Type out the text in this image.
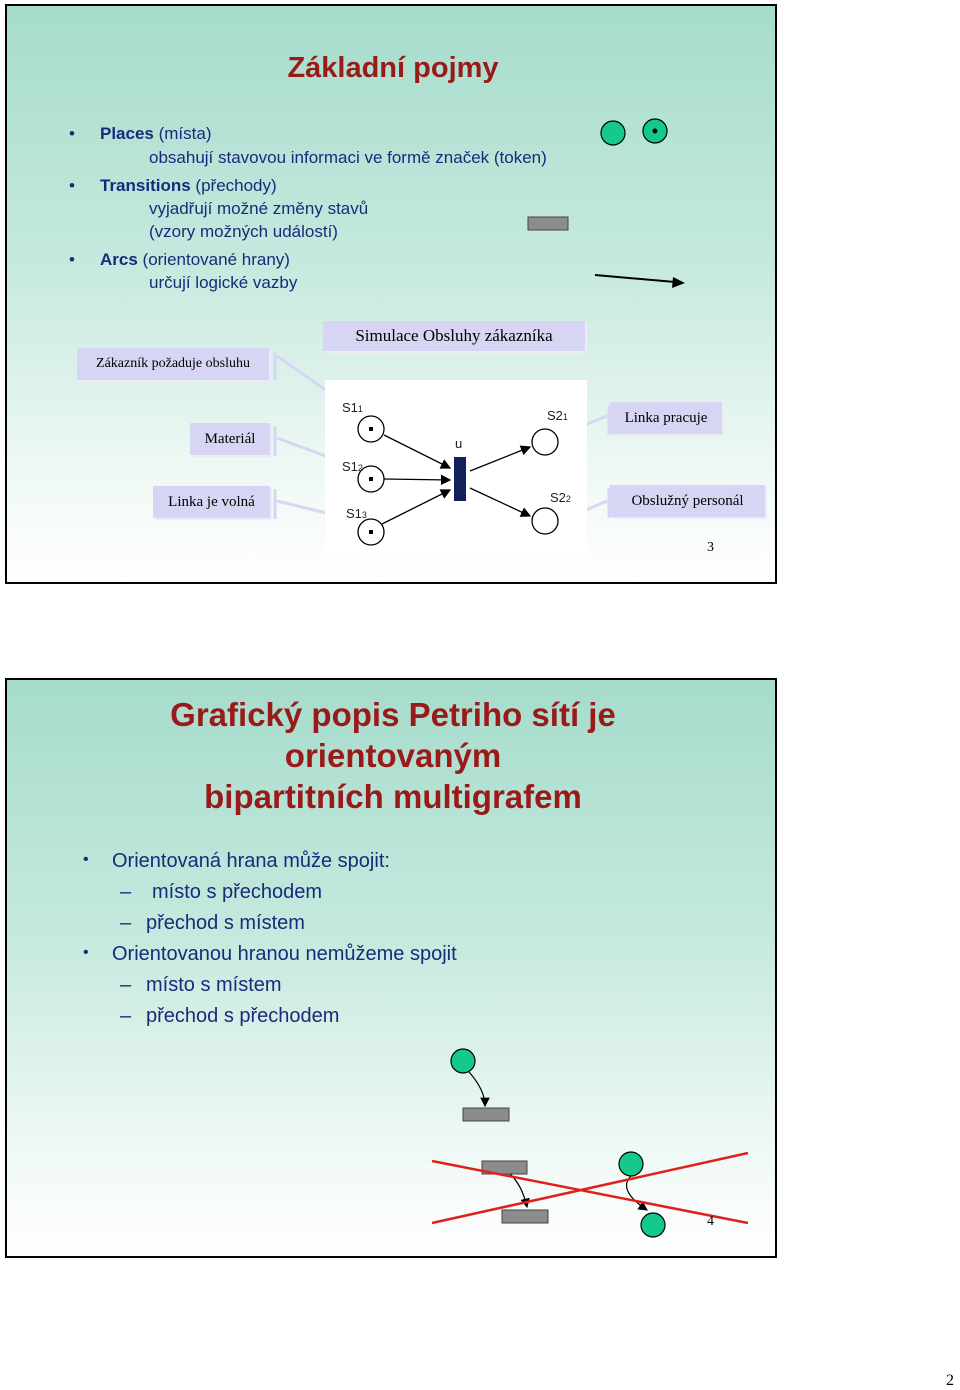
Základní pojmy
• Places (místa)
obsahují stavovou informaci ve formě značek (token)
• Transitions (přechody)
vyjadřují možné změny stavů
(vzory možných událostí)
• Arcs (orientované hrany)
určují logické vazby
Simulace Obsluhy zákazníka
Zákazník požaduje obsluhu
Materiál
Linka je volná
Linka pracuje
Obslužný personál
S11
S12
S13
S21
S22
u
3
Grafický popis Petriho sítí je
orientovaným
bipartitních multigrafem
• Orientovaná hrana může spojit:
– místo s přechodem
– přechod s místem
• Orientovanou hranou nemůžeme spojit
– místo s místem
– přechod s přechodem
4
2
